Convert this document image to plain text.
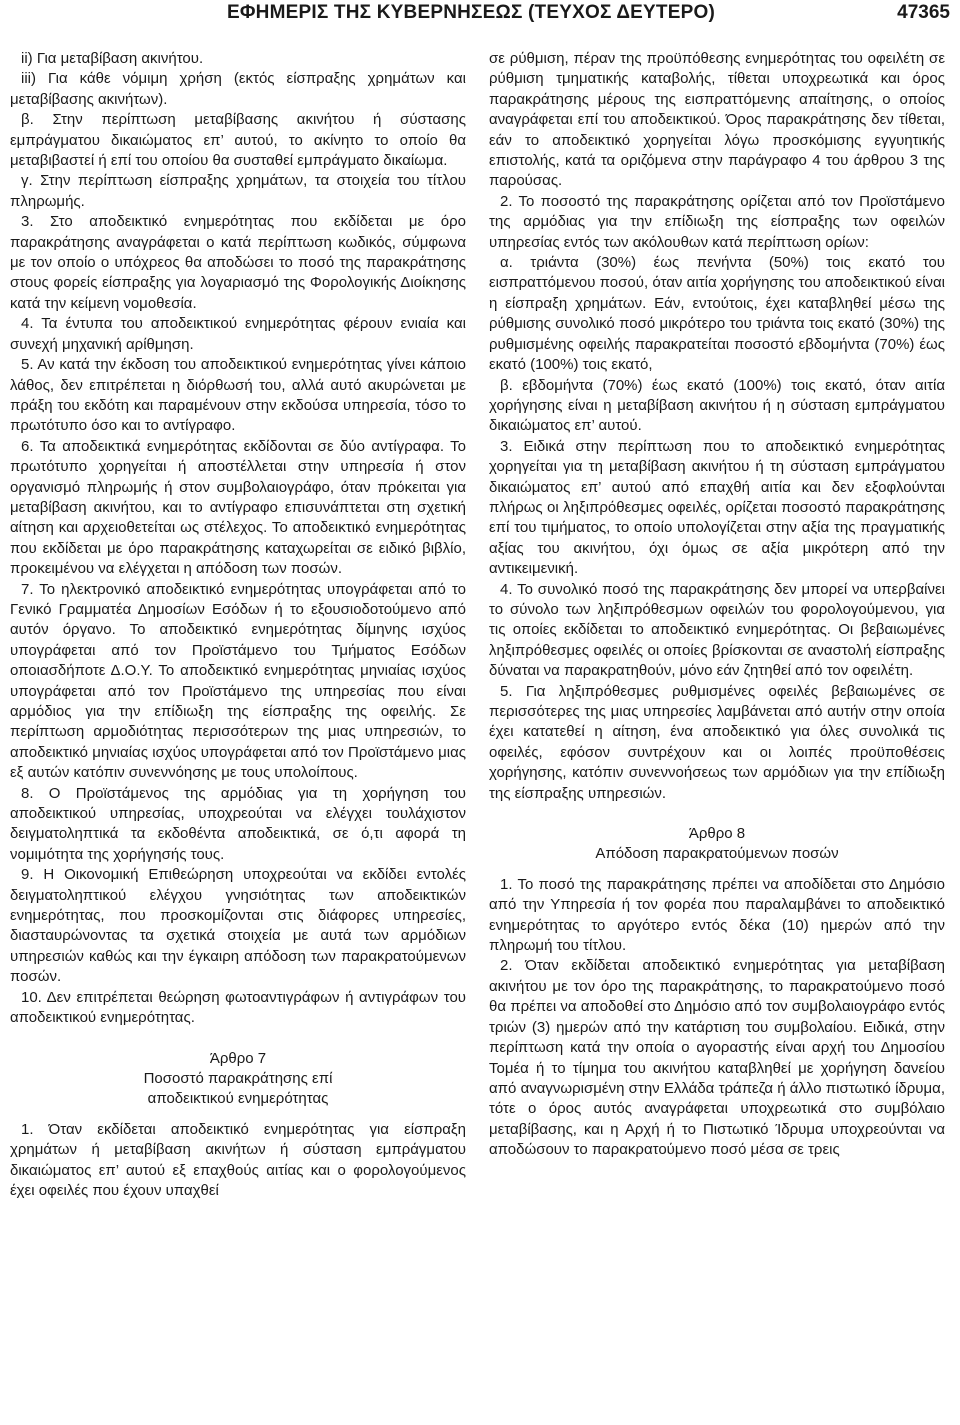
ΕΦΗΜΕΡΙΣ ΤΗΣ ΚΥΒΕΡΝΗΣΕΩΣ (ΤΕΥΧΟΣ ΔΕΥΤΕΡΟ)	47365

ii) Για μεταβίβαση ακινήτου.

iii) Για κάθε νόμιμη χρήση (εκτός είσπραξης χρημάτων και μεταβίβασης ακινήτων).

β. Στην περίπτωση μεταβίβασης ακινήτου ή σύστασης εμπράγματου δικαιώματος επ’ αυτού, το ακίνητο το οποίο θα μεταβιβαστεί ή επί του οποίου θα συσταθεί εμπράγματο δικαίωμα.

γ. Στην περίπτωση είσπραξης χρημάτων, τα στοιχεία του τίτλου πληρωμής.

3. Στο αποδεικτικό ενημερότητας που εκδίδεται με όρο παρακράτησης αναγράφεται ο κατά περίπτωση κωδικός, σύμφωνα με τον οποίο ο υπόχρεος θα αποδώσει το ποσό της παρακράτησης στους φορείς είσπραξης για λογαριασμό της Φορολογικής Διοίκησης κατά την κείμενη νομοθεσία.

4. Τα έντυπα του αποδεικτικού ενημερότητας φέρουν ενιαία και συνεχή μηχανική αρίθμηση.

5. Αν κατά την έκδοση του αποδεικτικού ενημερότητας γίνει κάποιο λάθος, δεν επιτρέπεται η διόρθωσή του, αλλά αυτό ακυρώνεται με πράξη του εκδότη και παραμένουν στην εκδούσα υπηρεσία, τόσο το πρωτότυπο όσο και το αντίγραφο.

6. Τα αποδεικτικά ενημερότητας εκδίδονται σε δύο αντίγραφα. Το πρωτότυπο χορηγείται ή αποστέλλεται στην υπηρεσία ή στον οργανισμό πληρωμής ή στον συμβολαιογράφο, όταν πρόκειται για μεταβίβαση ακινήτου, και το αντίγραφο επισυνάπτεται στη σχετική αίτηση και αρχειοθετείται ως στέλεχος. Το αποδεικτικό ενημερότητας που εκδίδεται με όρο παρακράτησης καταχωρείται σε ειδικό βιβλίο, προκειμένου να ελέγχεται η απόδοση των ποσών.

7. Το ηλεκτρονικό αποδεικτικό ενημερότητας υπογράφεται από το Γενικό Γραμματέα Δημοσίων Εσόδων ή το εξουσιοδοτούμενο από αυτόν όργανο. Το αποδεικτικό ενημερότητας δίμηνης ισχύος υπογράφεται από τον Προϊστάμενο του Τμήματος Εσόδων οποιασδήποτε Δ.Ο.Υ. Το αποδεικτικό ενημερότητας μηνιαίας ισχύος υπογράφεται από τον Προϊστάμενο της υπηρεσίας που είναι αρμόδιος για την επίδιωξη της είσπραξης της οφειλής. Σε περίπτωση αρμοδιότητας περισσότερων της μιας υπηρεσιών, το αποδεικτικό μηνιαίας ισχύος υπογράφεται από τον Προϊστάμενο μιας εξ αυτών κατόπιν συνεννόησης με τους υπολοίπους.

8. Ο Προϊστάμενος της αρμόδιας για τη χορήγηση του αποδεικτικού υπηρεσίας, υποχρεούται να ελέγχει τουλάχιστον δειγματοληπτικά τα εκδοθέντα αποδεικτικά, σε ό,τι αφορά τη νομιμότητα της χορήγησής τους.

9. Η Οικονομική Επιθεώρηση υποχρεούται να εκδίδει εντολές δειγματοληπτικού ελέγχου γνησιότητας των αποδεικτικών ενημερότητας, που προσκομίζονται στις διάφορες υπηρεσίες, διασταυρώνοντας τα σχετικά στοιχεία με αυτά των αρμόδιων υπηρεσιών καθώς και την έγκαιρη απόδοση των παρακρατούμενων ποσών.

10. Δεν επιτρέπεται θεώρηση φωτοαντιγράφων ή αντιγράφων του αποδεικτικού ενημερότητας.

Άρθρο 7

Ποσοστό παρακράτησης επί

αποδεικτικού ενημερότητας

1. Όταν εκδίδεται αποδεικτικό ενημερότητας για είσπραξη χρημάτων ή μεταβίβαση ακινήτων ή σύσταση εμπράγματου δικαιώματος επ’ αυτού εξ επαχθούς αιτίας και ο φορολογούμενος έχει οφειλές που έχουν υπαχθεί

σε ρύθμιση, πέραν της προϋπόθεσης ενημερότητας του οφειλέτη σε ρύθμιση τμηματικής καταβολής, τίθεται υποχρεωτικά και όρος παρακράτησης μέρους της εισπραττόμενης απαίτησης, ο οποίος αναγράφεται επί του αποδεικτικού. Όρος παρακράτησης δεν τίθεται, εάν το αποδεικτικό χορηγείται λόγω προσκόμισης εγγυητικής επιστολής, κατά τα οριζόμενα στην παράγραφο 4 του άρθρου 3 της παρούσας.

2. Το ποσοστό της παρακράτησης ορίζεται από τον Προϊστάμενο της αρμόδιας για την επίδιωξη της είσπραξης των οφειλών υπηρεσίας εντός των ακόλουθων κατά περίπτωση ορίων:

α. τριάντα (30%) έως πενήντα (50%) τοις εκατό του εισπραττόμενου ποσού, όταν αιτία χορήγησης του αποδεικτικού είναι η είσπραξη χρημάτων. Εάν, εντούτοις, έχει καταβληθεί μέσω της ρύθμισης συνολικό ποσό μικρότερο του τριάντα τοις εκατό (30%) της ρυθμισμένης οφειλής παρακρατείται ποσοστό εβδομήντα (70%) έως εκατό (100%) τοις εκατό,

β. εβδομήντα (70%) έως εκατό (100%) τοις εκατό, όταν αιτία χορήγησης είναι η μεταβίβαση ακινήτου ή η σύσταση εμπράγματου δικαιώματος επ’ αυτού.

3. Ειδικά στην περίπτωση που το αποδεικτικό ενημερότητας χορηγείται για τη μεταβίβαση ακινήτου ή τη σύσταση εμπράγματου δικαιώματος επ’ αυτού από επαχθή αιτία και δεν εξοφλούνται πλήρως οι ληξιπρόθεσμες οφειλές, ορίζεται ποσοστό παρακράτησης επί του τιμήματος, το οποίο υπολογίζεται στην αξία της πραγματικής αξίας του ακινήτου, όχι όμως σε αξία μικρότερη από την αντικειμενική.

4. Το συνολικό ποσό της παρακράτησης δεν μπορεί να υπερβαίνει το σύνολο των ληξιπρόθεσμων οφειλών του φορολογούμενου, για τις οποίες εκδίδεται το αποδεικτικό ενημερότητας. Οι βεβαιωμένες ληξιπρόθεσμες οφειλές οι οποίες βρίσκονται σε αναστολή είσπραξης δύναται να παρακρατηθούν, μόνο εάν ζητηθεί από τον οφειλέτη.

5. Για ληξιπρόθεσμες ρυθμισμένες οφειλές βεβαιωμένες σε περισσότερες της μιας υπηρεσίες λαμβάνεται από αυτήν στην οποία έχει κατατεθεί η αίτηση, ένα αποδεικτικό για όλες συνολικά τις οφειλές, εφόσον συντρέχουν και οι λοιπές προϋποθέσεις χορήγησης, κατόπιν συνεννοήσεως των αρμόδιων για την επίδιωξη της είσπραξης υπηρεσιών.

Άρθρο 8

Απόδοση παρακρατούμενων ποσών

1. Το ποσό της παρακράτησης πρέπει να αποδίδεται στο Δημόσιο από την Υπηρεσία ή τον φορέα που παραλαμβάνει το αποδεικτικό ενημερότητας το αργότερο εντός δέκα (10) ημερών από την πληρωμή του τίτλου.

2. Όταν εκδίδεται αποδεικτικό ενημερότητας για μεταβίβαση ακινήτου με τον όρο της παρακράτησης, το παρακρατούμενο ποσό θα πρέπει να αποδοθεί στο Δημόσιο από τον συμβολαιογράφο εντός τριών (3) ημερών από την κατάρτιση του συμβολαίου. Ειδικά, στην περίπτωση κατά την οποία ο αγοραστής είναι αρχή του Δημοσίου Τομέα ή το τίμημα του ακινήτου καταβληθεί με χορήγηση δανείου από αναγνωρισμένη στην Ελλάδα τράπεζα ή άλλο πιστωτικό ίδρυμα, τότε ο όρος αυτός αναγράφεται υποχρεωτικά στο συμβόλαιο μεταβίβασης, και η Αρχή ή το Πιστωτικό Ίδρυμα υποχρεούνται να αποδώσουν το παρακρατούμενο ποσό μέσα σε τρεις
